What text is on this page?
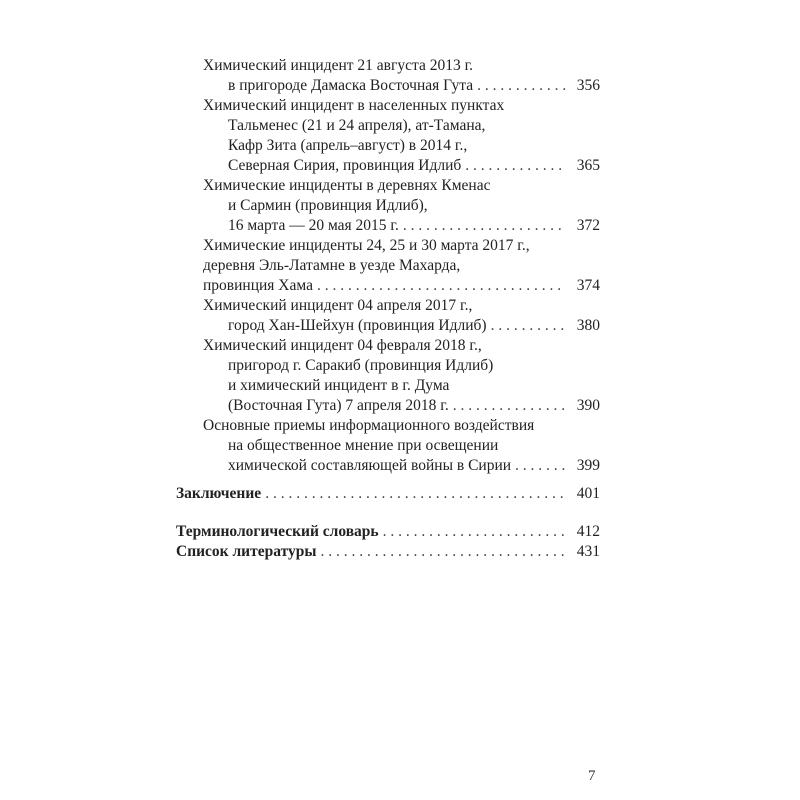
Химический инцидент 21 августа 2013 г.
в пригороде Дамаска Восточная Гута . . .	356
Химический инцидент в населенных пунктах
Тальменес (21 и 24 апреля), ат-Тамана,
Кафр Зита (апрель–август) в 2014 г.,
Северная Сирия, провинция Идлиб . . .	365
Химические инциденты в деревнях Кменас
и Сармин (провинция Идлиб),
16 марта — 20 мая 2015 г. . . .	372
Химические инциденты 24, 25 и 30 марта 2017 г.,
деревня Эль-Латамне в уезде Махарда,
провинция Хама . . .	374
Химический инцидент 04 апреля 2017 г.,
город Хан-Шейхун (провинция Идлиб) . . .	380
Химический инцидент 04 февраля 2018 г.,
пригород г. Саракиб (провинция Идлиб)
и химический инцидент в г. Дума
(Восточная Гута) 7 апреля 2018 г. . . .	390
Основные приемы информационного воздействия
на общественное мнение при освещении
химической составляющей войны в Сирии . . .	399
Заключение . . .	401
Терминологический словарь . . .	412
Список литературы . . .	431
7
